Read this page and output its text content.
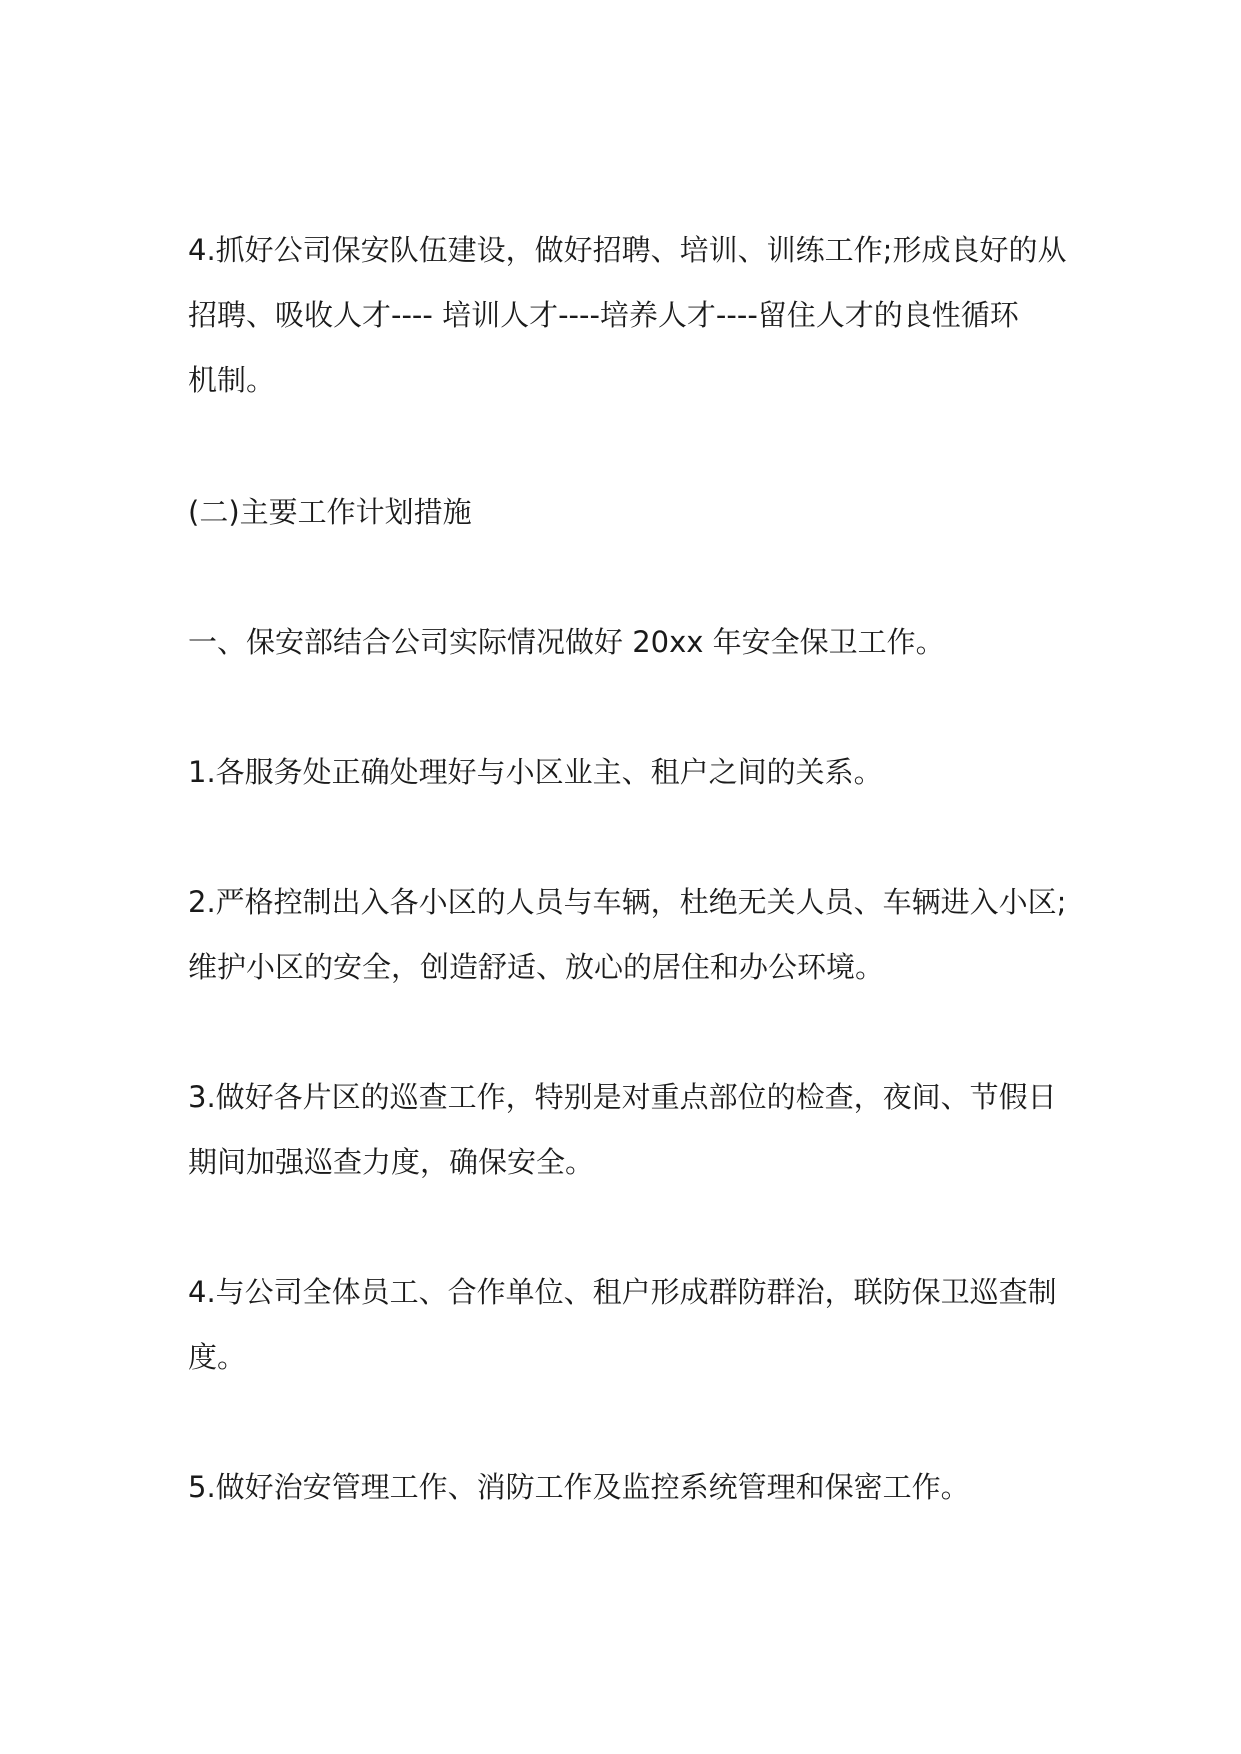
4.抓好公司保安队伍建设，做好招聘、培训、训练工作;形成良好的从
招聘、吸收人才---- 培训人才----培养人才----留住人才的良性循环
机制。

(二)主要工作计划措施

一、保安部结合公司实际情况做好 20xx 年安全保卫工作。

1.各服务处正确处理好与小区业主、租户之间的关系。

2.严格控制出入各小区的人员与车辆，杜绝无关人员、车辆进入小区;
维护小区的安全，创造舒适、放心的居住和办公环境。

3.做好各片区的巡查工作，特别是对重点部位的检查，夜间、节假日
期间加强巡查力度，确保安全。

4.与公司全体员工、合作单位、租户形成群防群治，联防保卫巡查制
度。

5.做好治安管理工作、消防工作及监控系统管理和保密工作。
